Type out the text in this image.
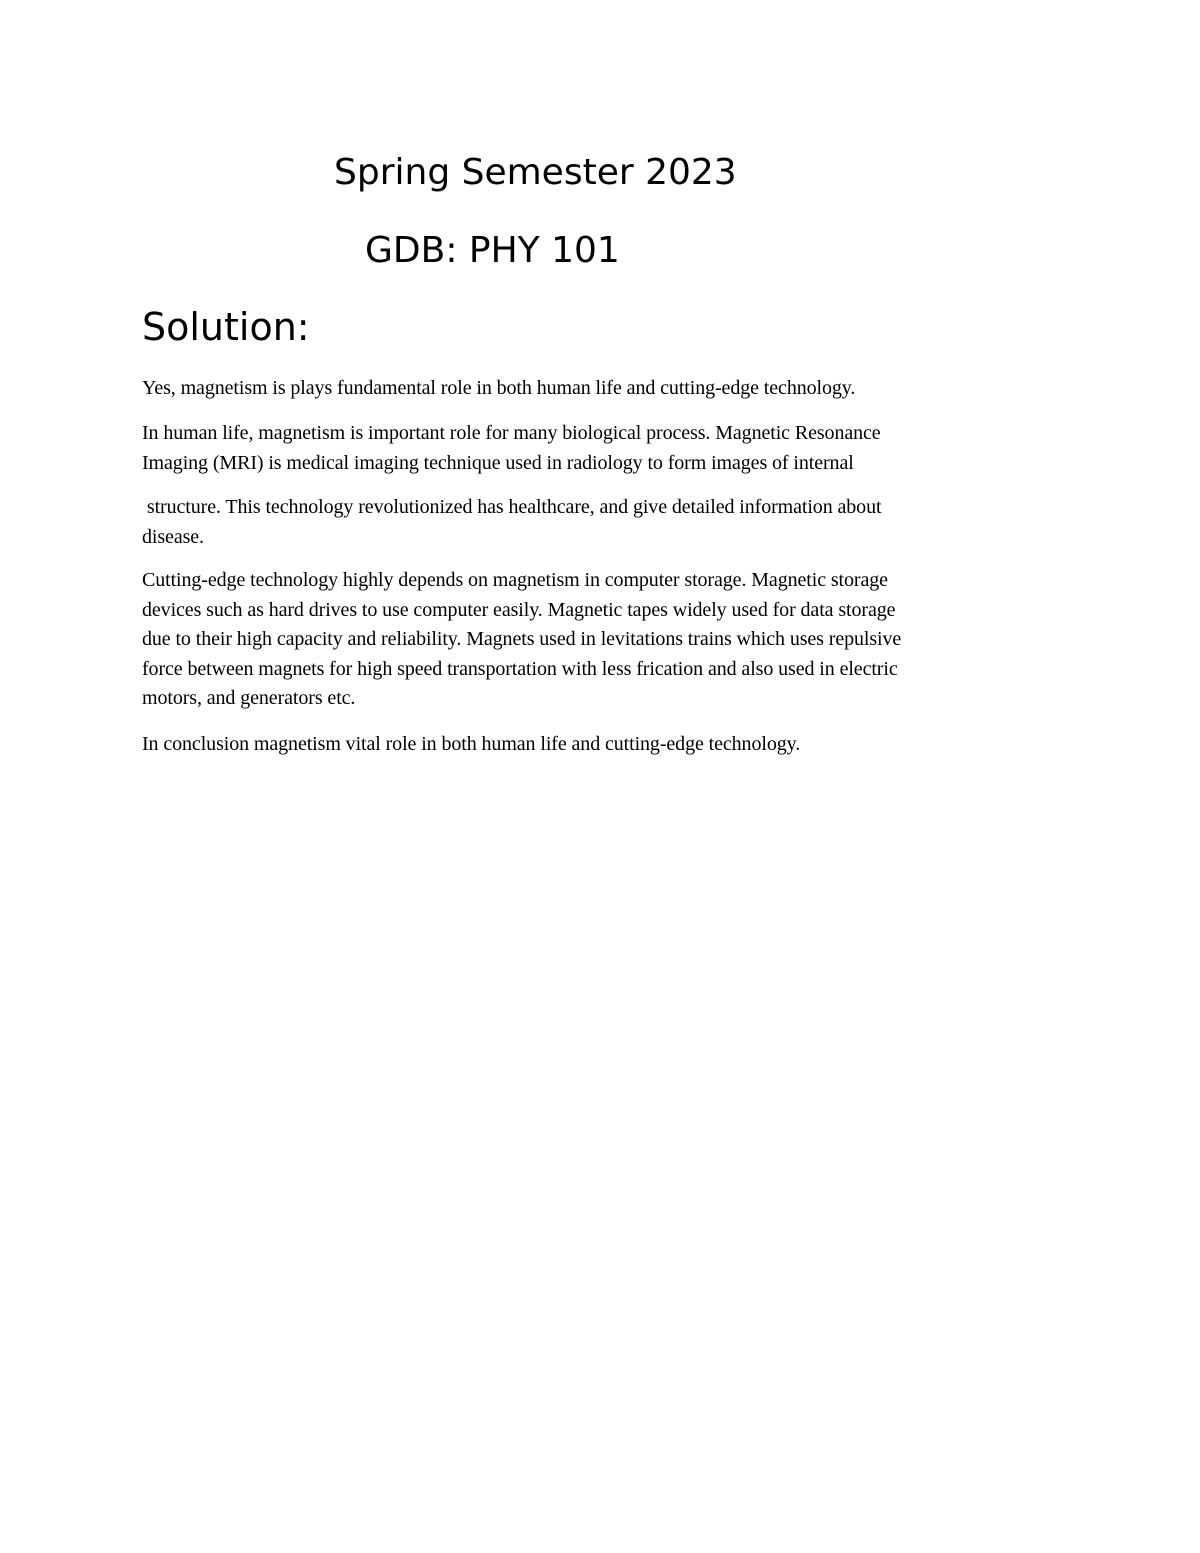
Spring Semester 2023
GDB: PHY 101
Solution:

Yes, magnetism is plays fundamental role in both human life and cutting-edge technology.

In human life, magnetism is important role for many biological process. Magnetic Resonance
Imaging (MRI) is medical imaging technique used in radiology to form images of internal

structure. This technology revolutionized has healthcare, and give detailed information about
disease.

Cutting-edge technology highly depends on magnetism in computer storage. Magnetic storage
devices such as hard drives to use computer easily. Magnetic tapes widely used for data storage
due to their high capacity and reliability. Magnets used in levitations trains which uses repulsive
force between magnets for high speed transportation with less frication and also used in electric
motors, and generators etc.

In conclusion magnetism vital role in both human life and cutting-edge technology.
